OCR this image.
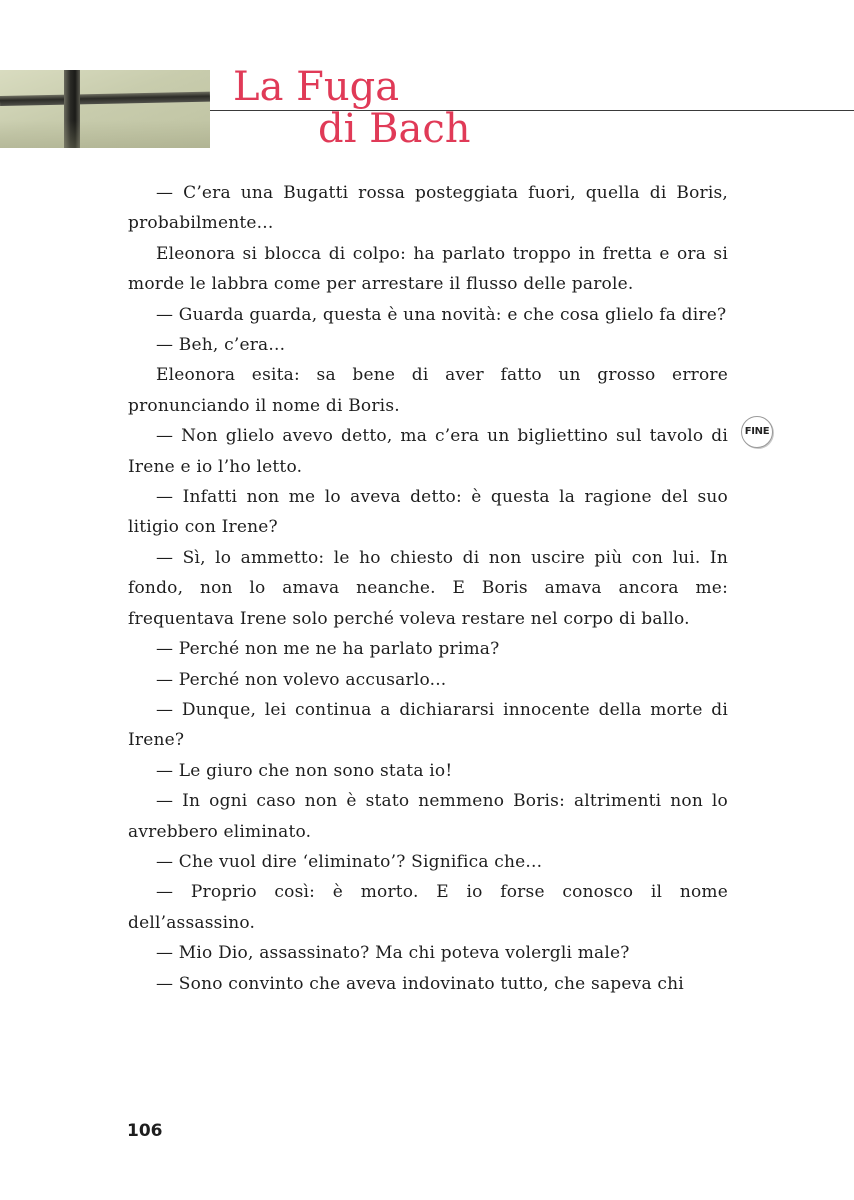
La Fuga
di Bach
FINE

— C’era una Bugatti rossa posteggiata fuori, quella di Boris, probabilmente...

Eleonora si blocca di colpo: ha parlato troppo in fretta e ora si morde le labbra come per arrestare il flusso delle parole.

— Guarda guarda, questa è una novità: e che cosa glielo fa dire?

— Beh, c’era...

Eleonora esita: sa bene di aver fatto un grosso errore pronunciando il nome di Boris.

— Non glielo avevo detto, ma c’era un bigliettino sul tavolo di Irene e io l’ho letto.

— Infatti non me lo aveva detto: è questa la ragione del suo litigio con Irene?

— Sì, lo ammetto: le ho chiesto di non uscire più con lui. In fondo, non lo amava neanche. E Boris amava ancora me: frequentava Irene solo perché voleva restare nel corpo di ballo.

— Perché non me ne ha parlato prima?

— Perché non volevo accusarlo...

— Dunque, lei continua a dichiararsi innocente della morte di Irene?

— Le giuro che non sono stata io!

— In ogni caso non è stato nemmeno Boris: altrimenti non lo avrebbero eliminato.

— Che vuol dire ‘eliminato’? Significa che...

— Proprio così: è morto. E io forse conosco il nome dell’assassino.

— Mio Dio, assassinato? Ma chi poteva volergli male?

— Sono convinto che aveva indovinato tutto, che sapeva chi

106
